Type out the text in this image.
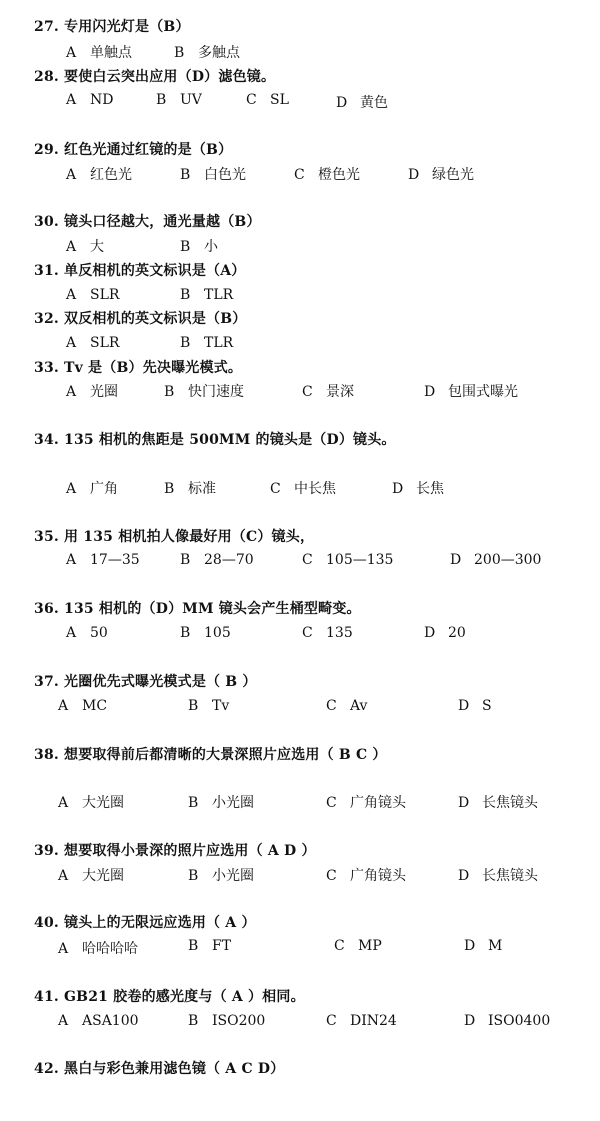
27. 专用闪光灯是（B）
A 单触点	B 多触点
28. 要使白云突出应用（D）滤色镜。
A ND	B UV	C SL	D 黄色
29. 红色光通过红镜的是（B）
A 红色光	B 白色光	C 橙色光	D 绿色光
30. 镜头口径越大，通光量越（B）
A 大	B 小
31. 单反相机的英文标识是（A）
A SLR	B TLR
32. 双反相机的英文标识是（B）
A SLR	B TLR
33. Tv 是（B）先决曝光模式。
A 光圈	B 快门速度	C 景深	D 包围式曝光
34. 135 相机的焦距是 500MM 的镜头是（D）镜头。
A 广角	B 标准	C 中长焦	D 长焦
35. 用 135 相机拍人像最好用（C）镜头，
A 17—35	B 28—70	C 105—135	D 200—300
36. 135 相机的（D）MM 镜头会产生桶型畸变。
A 50	B 105	C 135	D 20
37. 光圈优先式曝光模式是（ B ）
A MC	B Tv	C Av	D S
38. 想要取得前后都清晰的大景深照片应选用（ B C ）
A 大光圈	B 小光圈	C 广角镜头	D 长焦镜头
39. 想要取得小景深的照片应选用（ A D ）
A 大光圈	B 小光圈	C 广角镜头	D 长焦镜头
40. 镜头上的无限远应选用（ A ）
A 哈哈哈哈	B FT	C MP	D M
41. GB21 胶卷的感光度与（ A ）相同。
A ASA100	B ISO200	C DIN24	D ISO0400
42. 黑白与彩色兼用滤色镜（ A C D）
